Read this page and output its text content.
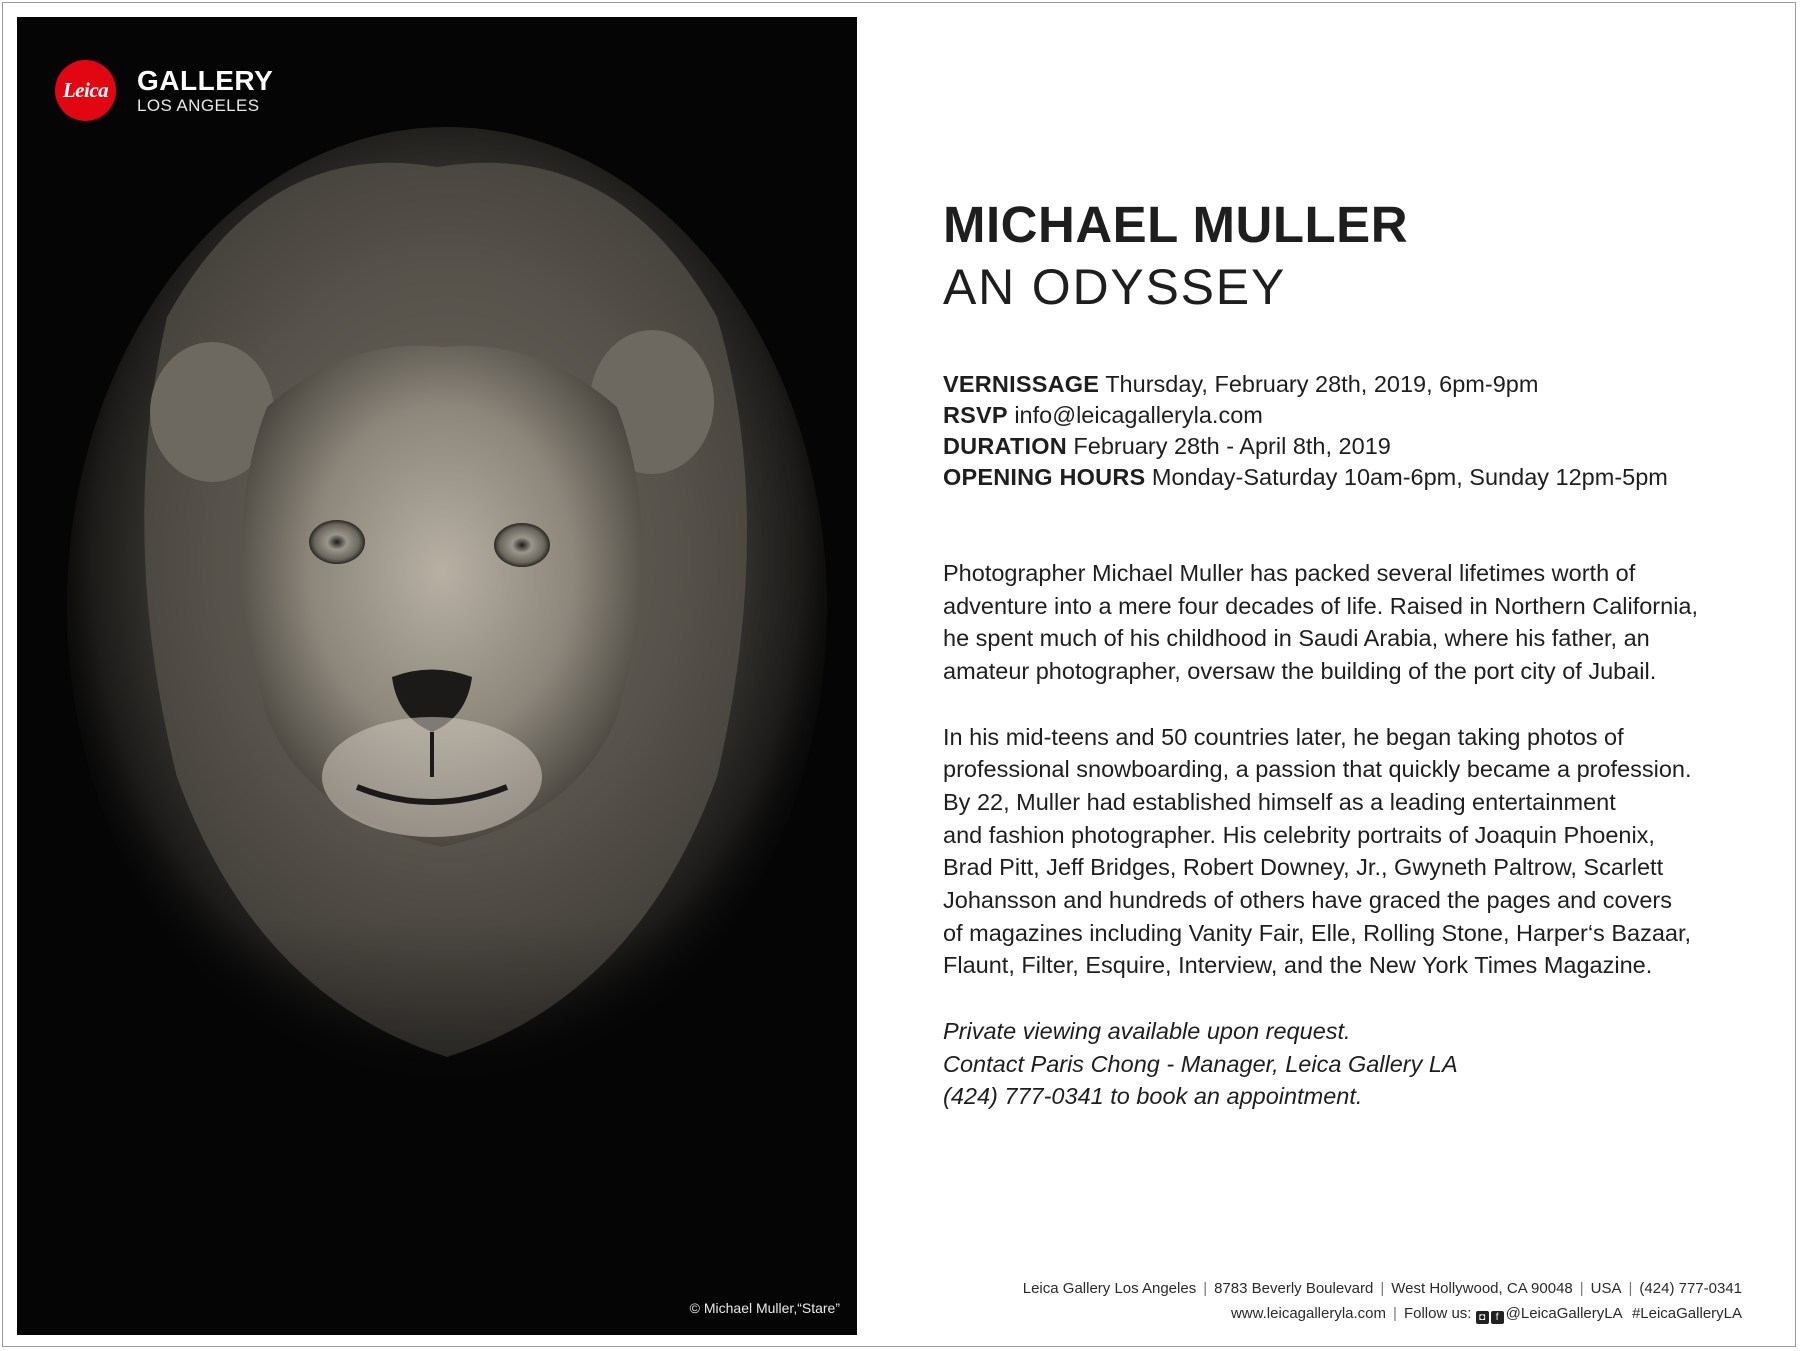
Leica GALLERY
LOS ANGELES
© Michael Muller,“Stare”
MICHAEL MULLER
AN ODYSSEY
VERNISSAGE Thursday, February 28th, 2019, 6pm-9pm
RSVP info@leicagalleryla.com
DURATION February 28th - April 8th, 2019
OPENING HOURS Monday-Saturday 10am-6pm, Sunday 12pm-5pm

Photographer Michael Muller has packed several lifetimes worth of
adventure into a mere four decades of life. Raised in Northern California,
he spent much of his childhood in Saudi Arabia, where his father, an
amateur photographer, oversaw the building of the port city of Jubail.

In his mid-teens and 50 countries later, he began taking photos of
professional snowboarding, a passion that quickly became a profession.
By 22, Muller had established himself as a leading entertainment
and fashion photographer. His celebrity portraits of Joaquin Phoenix,
Brad Pitt, Jeff Bridges, Robert Downey, Jr., Gwyneth Paltrow, Scarlett
Johansson and hundreds of others have graced the pages and covers
of magazines including Vanity Fair, Elle, Rolling Stone, Harper‘s Bazaar,
Flaunt, Filter, Esquire, Interview, and the New York Times Magazine.

Private viewing available upon request.
Contact Paris Chong - Manager, Leica Gallery LA
(424) 777-0341 to book an appointment.

Leica Gallery Los Angeles | 8783 Beverly Boulevard | West Hollywood, CA 90048 | USA | (424) 777-0341
www.leicagalleryla.com | Follow us: ◘ f @LeicaGalleryLA #LeicaGalleryLA
